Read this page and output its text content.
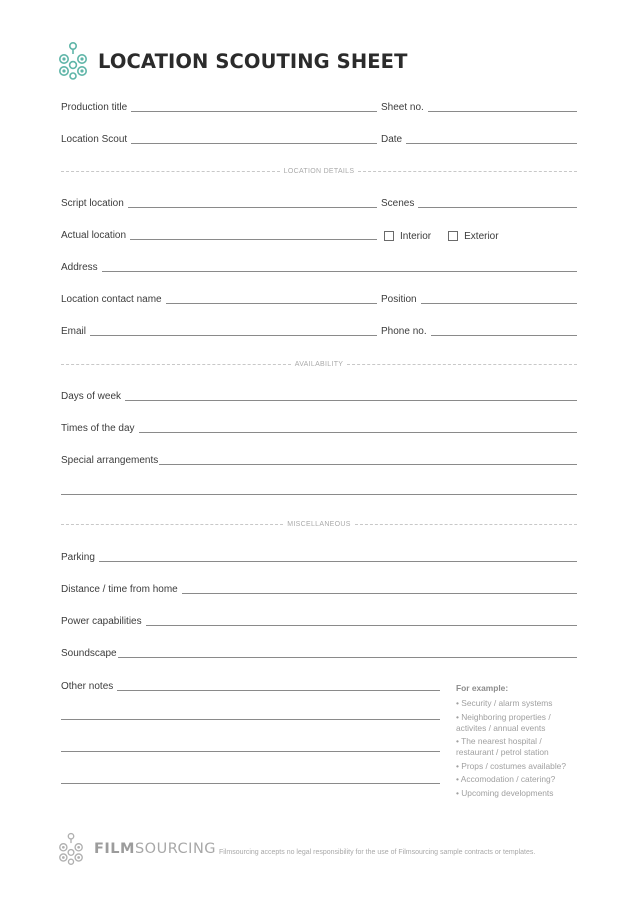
LOCATION SCOUTING SHEET
Production title	Sheet no.
Location Scout	Date
LOCATION DETAILS
Script location	Scenes
Actual location	Interior	Exterior
Address
Location contact name	Position
Email	Phone no.
AVAILABILITY
Days of week
Times of the day
Special arrangements
MISCELLANEOUS
Parking
Distance / time from home
Power capabilities
Soundscape
Other notes	For example:
• Security / alarm systems
• Neighboring properties / activites / annual events
• The nearest hospital / restaurant / petrol station
• Props / costumes available?
• Accomodation / catering?
• Upcoming developments
FILMSOURCING Filmsourcing accepts no legal responsibility for the use of Filmsourcing sample contracts or templates.
